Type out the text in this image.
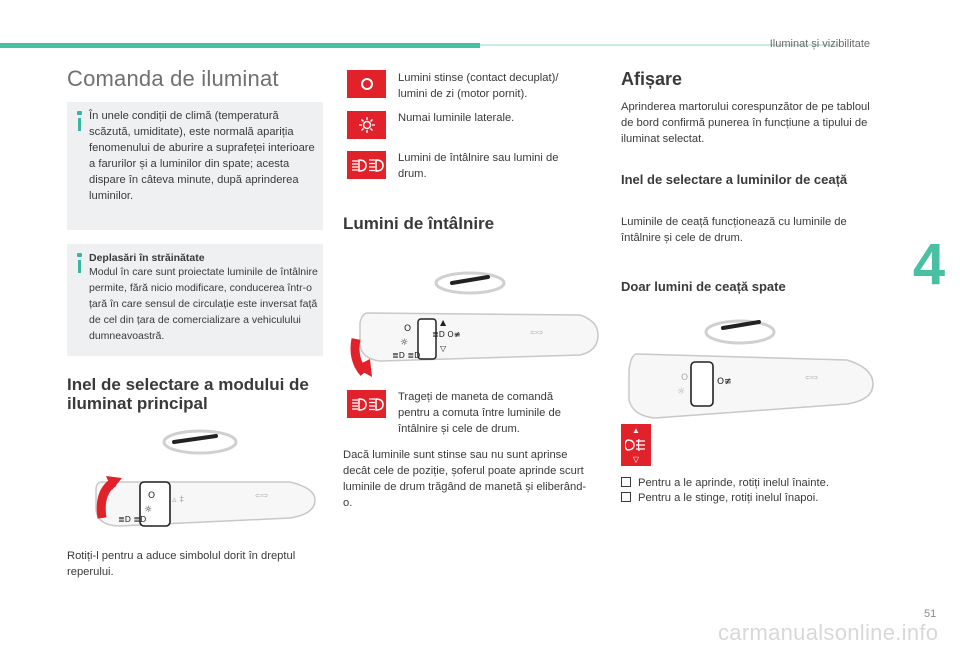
Iluminat și vizibilitate
Comanda de iluminat

În unele condiții de climă (temperatură scăzută, umiditate), este normală apariția fenomenului de aburire a suprafeței interioare a farurilor și a luminilor din spate; acesta dispare în câteva minute, după aprinderea luminilor.

Deplasări în străinătate

Modul în care sunt proiectate luminile de întâlnire permite, fără nicio modificare, conducerea într-o țară în care sensul de circulație este inversat față de cel din țara de comercializare a vehiculului dumneavoastră.

Inel de selectare a modului de iluminat principal
O
☼
≣D ≣D
▵ ‡	⇦⇨
Rotiți-l pentru a aduce simbolul dorit în dreptul reperului.
Lumini stinse (contact decuplat)/ lumini de zi (motor pornit).
Numai luminile laterale.
Lumini de întâlnire sau lumini de drum.
Lumini de întâlnire
O
☼
≣D ≣D
▲
≣D O≢
▽
⇦⇨
Trageți de maneta de comandă pentru a comuta între luminile de întâlnire și cele de drum.
Dacă luminile sunt stinse sau nu sunt aprinse decât cele de poziție, șoferul poate aprinde scurt luminile de drum trăgând de manetă și eliberând-o.
Afișare
Aprinderea martorului corespunzător de pe tabloul de bord confirmă punerea în funcțiune a tipului de iluminat selectat.
Inel de selectare a luminilor de ceață
Luminile de ceață funcționează cu luminile de întâlnire și cele de drum.
Doar lumini de ceață spate
O
☼
O≢	⇦⇨
▲
▽
Pentru a le aprinde, rotiți inelul înainte.
Pentru a le stinge, rotiți inelul înapoi.
4
51
carmanualsonline.info
